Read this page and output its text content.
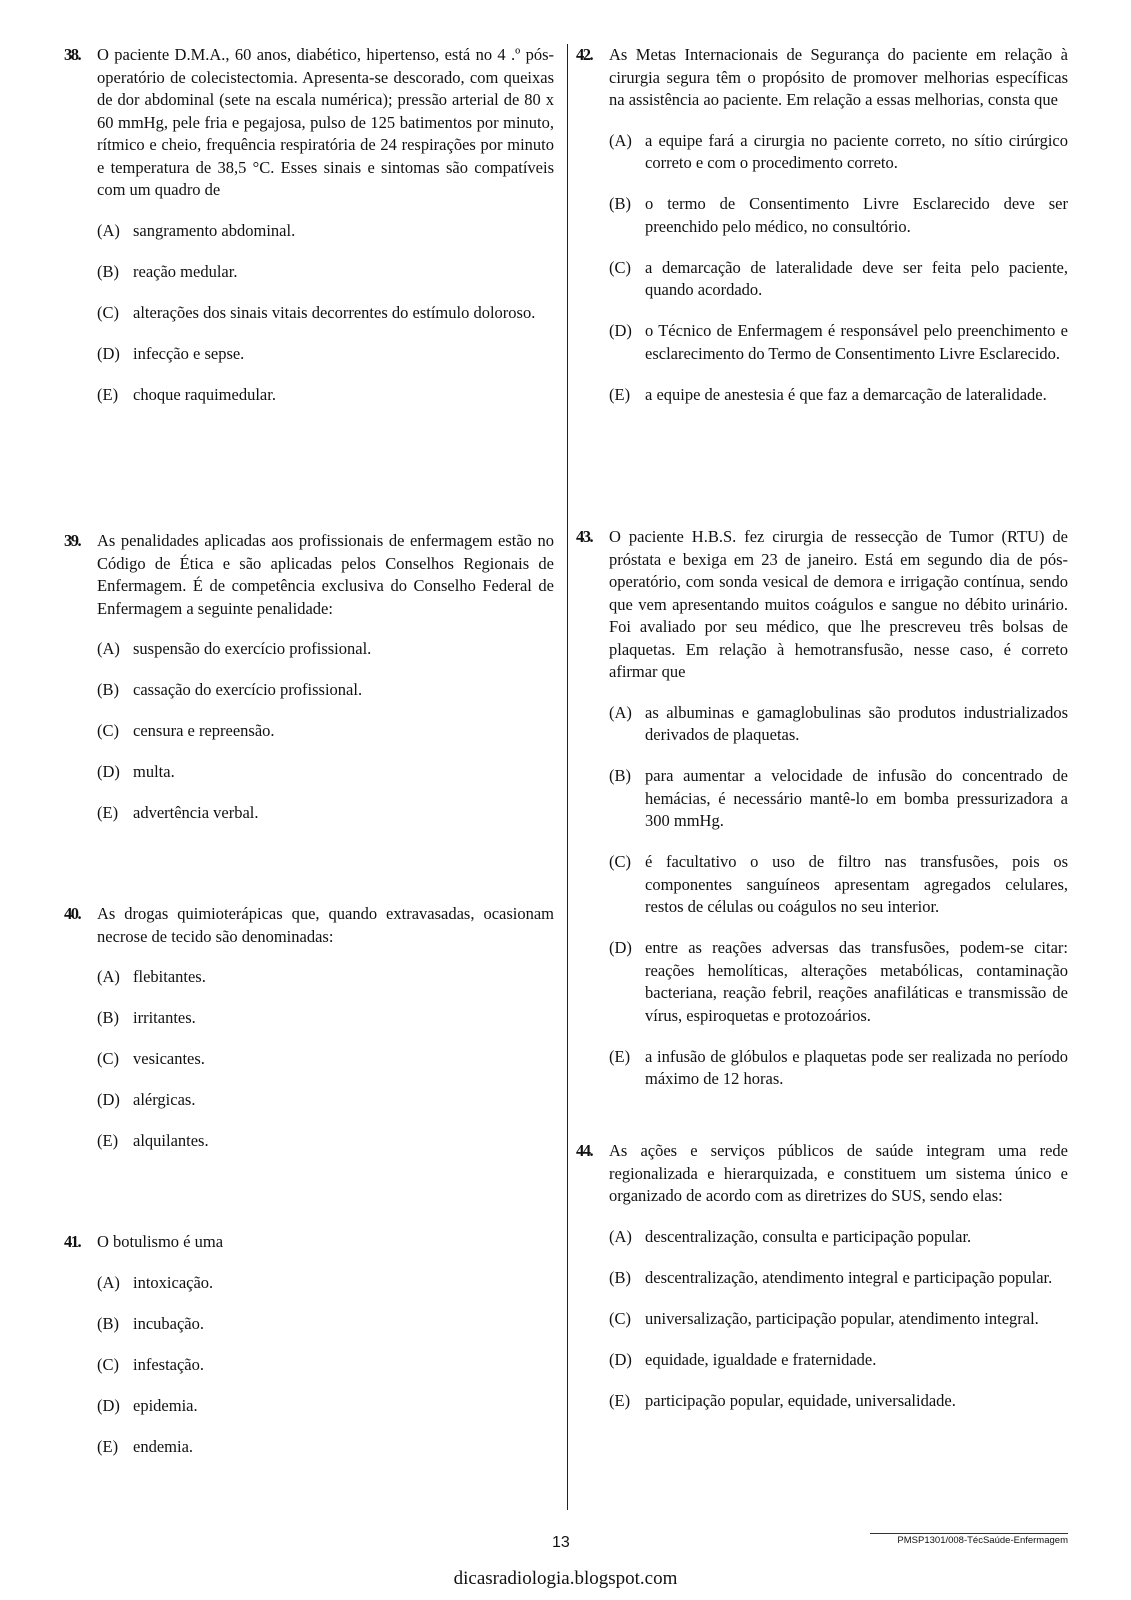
38.	O paciente D.M.A., 60 anos, diabético, hipertenso, está no 4 .º pós-operatório de colecistectomia. Apresenta-se descorado, com queixas de dor abdominal (sete na escala numérica); pressão arterial de 80 x 60 mmHg, pele fria e pegajosa, pulso de 125 batimentos por minuto, rítmico e cheio, frequência respiratória de 24 respirações por minuto e temperatura de 38,5 °C. Esses sinais e sintomas são compatíveis com um quadro de
(A) sangramento abdominal.
(B) reação medular.
(C) alterações dos sinais vitais decorrentes do estímulo doloroso.
(D) infecção e sepse.
(E) choque raquimedular.
39.	As penalidades aplicadas aos profissionais de enfermagem estão no Código de Ética e são aplicadas pelos Conselhos Regionais de Enfermagem. É de competência exclusiva do Conselho Federal de Enfermagem a seguinte penalidade:
(A) suspensão do exercício profissional.
(B) cassação do exercício profissional.
(C) censura e repreensão.
(D) multa.
(E) advertência verbal.
40.	As drogas quimioterápicas que, quando extravasadas, ocasionam necrose de tecido são denominadas:
(A) flebitantes.
(B) irritantes.
(C) vesicantes.
(D) alérgicas.
(E) alquilantes.
41.	O botulismo é uma
(A) intoxicação.
(B) incubação.
(C) infestação.
(D) epidemia.
(E) endemia.
42.	As Metas Internacionais de Segurança do paciente em relação à cirurgia segura têm o propósito de promover melhorias específicas na assistência ao paciente. Em relação a essas melhorias, consta que
(A) a equipe fará a cirurgia no paciente correto, no sítio cirúrgico correto e com o procedimento correto.
(B) o termo de Consentimento Livre Esclarecido deve ser preenchido pelo médico, no consultório.
(C) a demarcação de lateralidade deve ser feita pelo paciente, quando acordado.
(D) o Técnico de Enfermagem é responsável pelo preenchimento e esclarecimento do Termo de Consentimento Livre Esclarecido.
(E) a equipe de anestesia é que faz a demarcação de lateralidade.
43.	O paciente H.B.S. fez cirurgia de ressecção de Tumor (RTU) de próstata e bexiga em 23 de janeiro. Está em segundo dia de pós-operatório, com sonda vesical de demora e irrigação contínua, sendo que vem apresentando muitos coágulos e sangue no débito urinário. Foi avaliado por seu médico, que lhe prescreveu três bolsas de plaquetas. Em relação à hemotransfusão, nesse caso, é correto afirmar que
(A) as albuminas e gamaglobulinas são produtos industrializados derivados de plaquetas.
(B) para aumentar a velocidade de infusão do concentrado de hemácias, é necessário mantê-lo em bomba pressurizadora a 300 mmHg.
(C) é facultativo o uso de filtro nas transfusões, pois os componentes sanguíneos apresentam agregados celulares, restos de células ou coágulos no seu interior.
(D) entre as reações adversas das transfusões, podem-se citar: reações hemolíticas, alterações metabólicas, contaminação bacteriana, reação febril, reações anafiláticas e transmissão de vírus, espiroquetas e protozoários.
(E) a infusão de glóbulos e plaquetas pode ser realizada no período máximo de 12 horas.
44.	As ações e serviços públicos de saúde integram uma rede regionalizada e hierarquizada, e constituem um sistema único e organizado de acordo com as diretrizes do SUS, sendo elas:
(A) descentralização, consulta e participação popular.
(B) descentralização, atendimento integral e participação popular.
(C) universalização, participação popular, atendimento integral.
(D) equidade, igualdade e fraternidade.
(E) participação popular, equidade, universalidade.
13	PMSP1301/008-TécSaúde-Enfermagem
dicasradiologia.blogspot.com
